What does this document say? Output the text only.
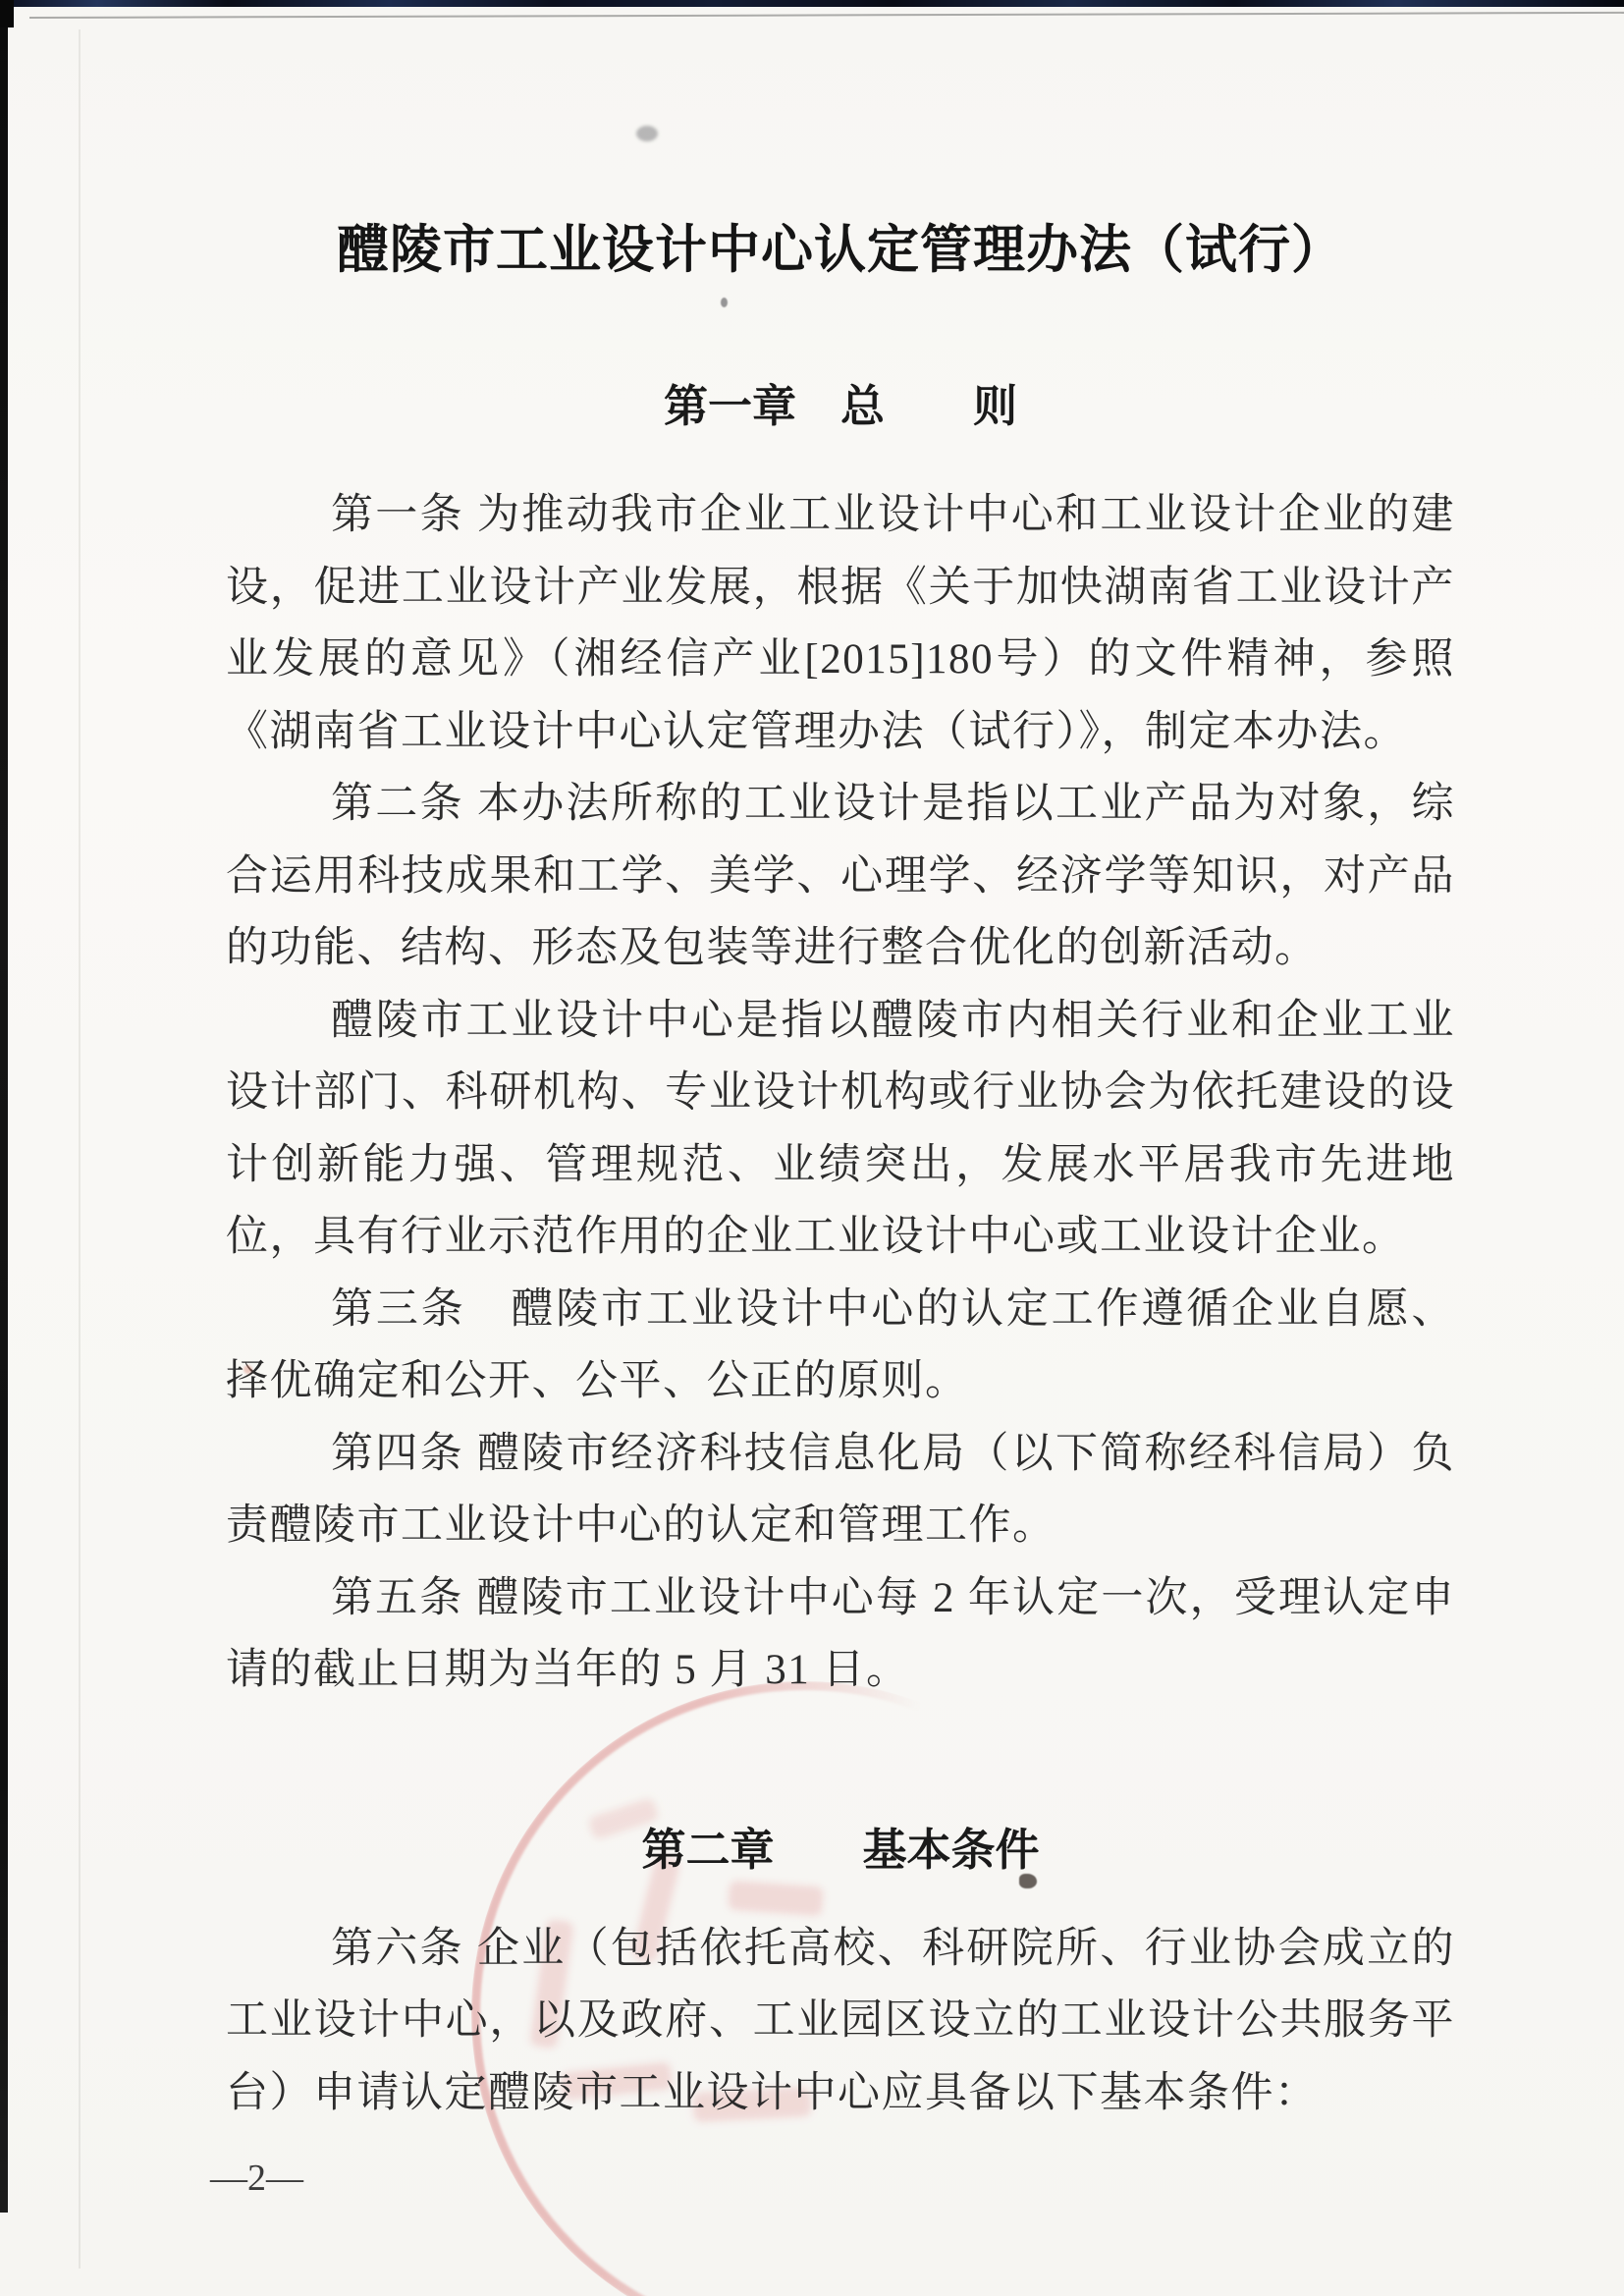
醴陵市工业设计中心认定管理办法（试行）
第一章　总　　则

第一条 为推动我市企业工业设计中心和工业设计企业的建设，促进工业设计产业发展，根据《关于加快湖南省工业设计产业发展的意见》（湘经信产业[2015]180号）的文件精神，参照《湖南省工业设计中心认定管理办法（试行）》，制定本办法。

第二条 本办法所称的工业设计是指以工业产品为对象，综合运用科技成果和工学、美学、心理学、经济学等知识，对产品的功能、结构、形态及包装等进行整合优化的创新活动。

醴陵市工业设计中心是指以醴陵市内相关行业和企业工业设计部门、科研机构、专业设计机构或行业协会为依托建设的设计创新能力强、管理规范、业绩突出，发展水平居我市先进地位，具有行业示范作用的企业工业设计中心或工业设计企业。

第三条　醴陵市工业设计中心的认定工作遵循企业自愿、择优确定和公开、公平、公正的原则。

第四条 醴陵市经济科技信息化局（以下简称经科信局）负责醴陵市工业设计中心的认定和管理工作。

第五条 醴陵市工业设计中心每 2 年认定一次，受理认定申请的截止日期为当年的 5 月 31 日。

第二章　　基本条件

第六条 企业（包括依托高校、科研院所、行业协会成立的工业设计中心，以及政府、工业园区设立的工业设计公共服务平台）申请认定醴陵市工业设计中心应具备以下基本条件：

—2—
